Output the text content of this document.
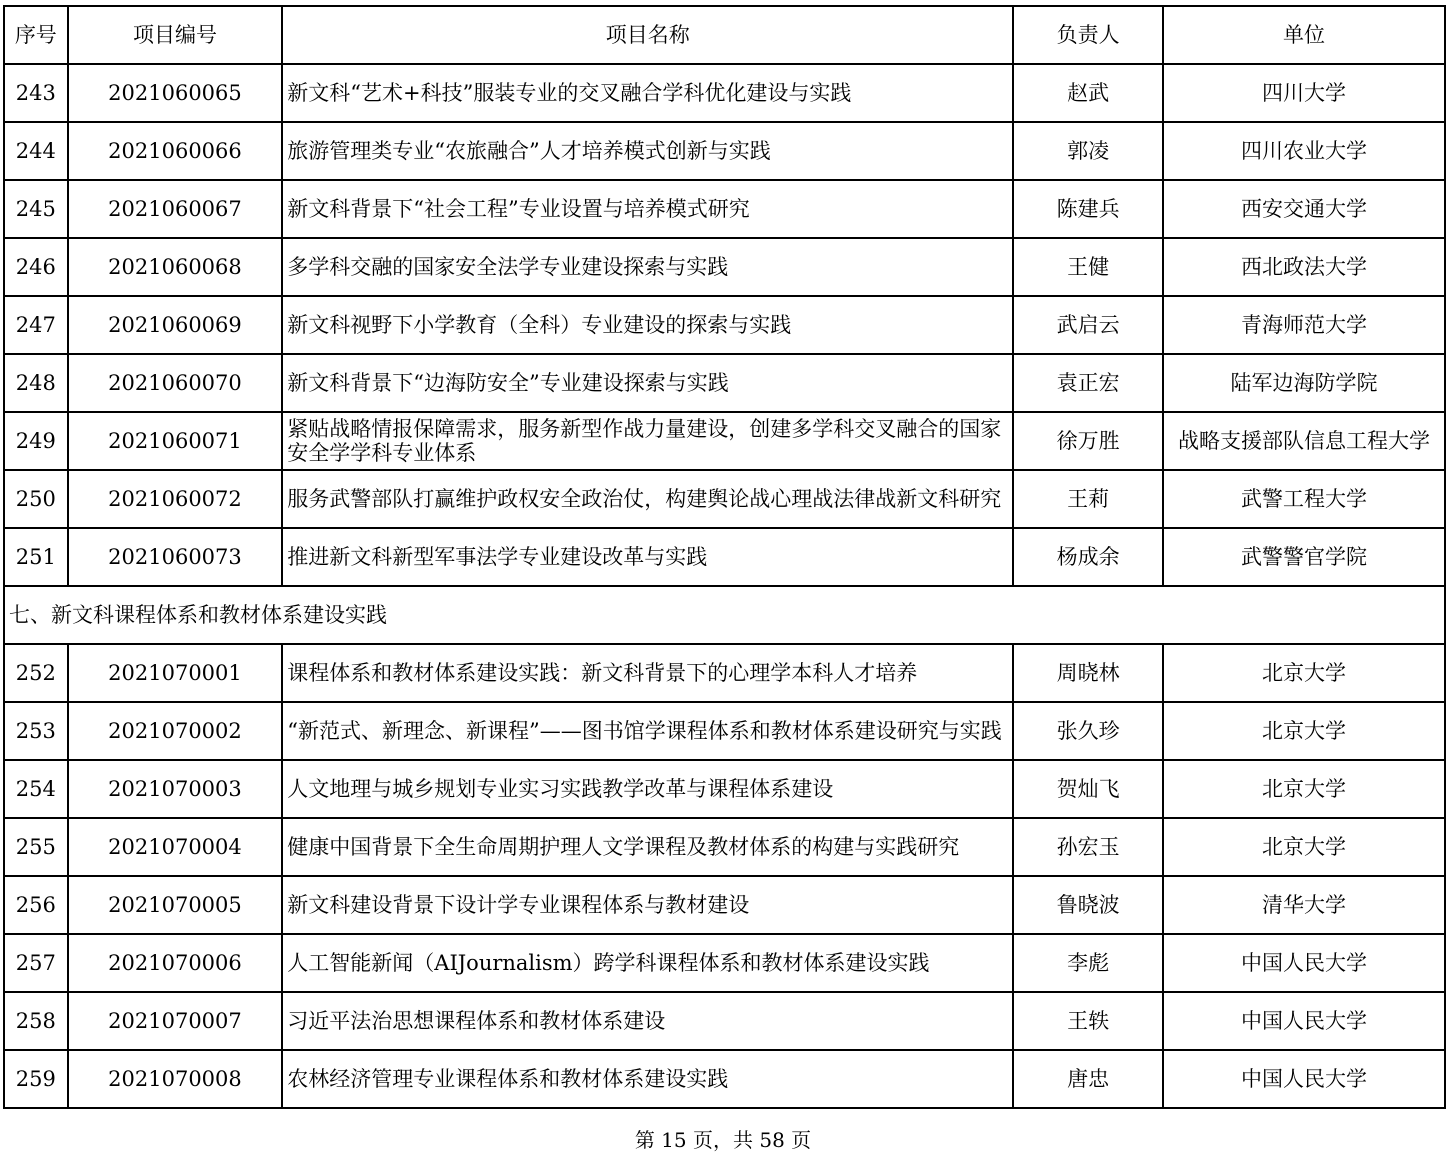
序号	项目编号	项目名称	负责人	单位
243	2021060065	新文科“艺术+科技”服装专业的交叉融合学科优化建设与实践	赵武	四川大学
244	2021060066	旅游管理类专业“农旅融合”人才培养模式创新与实践	郭凌	四川农业大学
245	2021060067	新文科背景下“社会工程”专业设置与培养模式研究	陈建兵	西安交通大学
246	2021060068	多学科交融的国家安全法学专业建设探索与实践	王健	西北政法大学
247	2021060069	新文科视野下小学教育（全科）专业建设的探索与实践	武启云	青海师范大学
248	2021060070	新文科背景下“边海防安全”专业建设探索与实践	袁正宏	陆军边海防学院
249	2021060071	紧贴战略情报保障需求，服务新型作战力量建设，创建多学科交叉融合的国家安全学学科专业体系	徐万胜	战略支援部队信息工程大学
250	2021060072	服务武警部队打赢维护政权安全政治仗，构建舆论战心理战法律战新文科研究	王莉	武警工程大学
251	2021060073	推进新文科新型军事法学专业建设改革与实践	杨成余	武警警官学院
七、新文科课程体系和教材体系建设实践				
252	2021070001	课程体系和教材体系建设实践：新文科背景下的心理学本科人才培养	周晓林	北京大学
253	2021070002	“新范式、新理念、新课程”——图书馆学课程体系和教材体系建设研究与实践	张久珍	北京大学
254	2021070003	人文地理与城乡规划专业实习实践教学改革与课程体系建设	贺灿飞	北京大学
255	2021070004	健康中国背景下全生命周期护理人文学课程及教材体系的构建与实践研究	孙宏玉	北京大学
256	2021070005	新文科建设背景下设计学专业课程体系与教材建设	鲁晓波	清华大学
257	2021070006	人工智能新闻（AIJournalism）跨学科课程体系和教材体系建设实践	李彪	中国人民大学
258	2021070007	习近平法治思想课程体系和教材体系建设	王轶	中国人民大学
259	2021070008	农林经济管理专业课程体系和教材体系建设实践	唐忠	中国人民大学
第 15 页，共 58 页
